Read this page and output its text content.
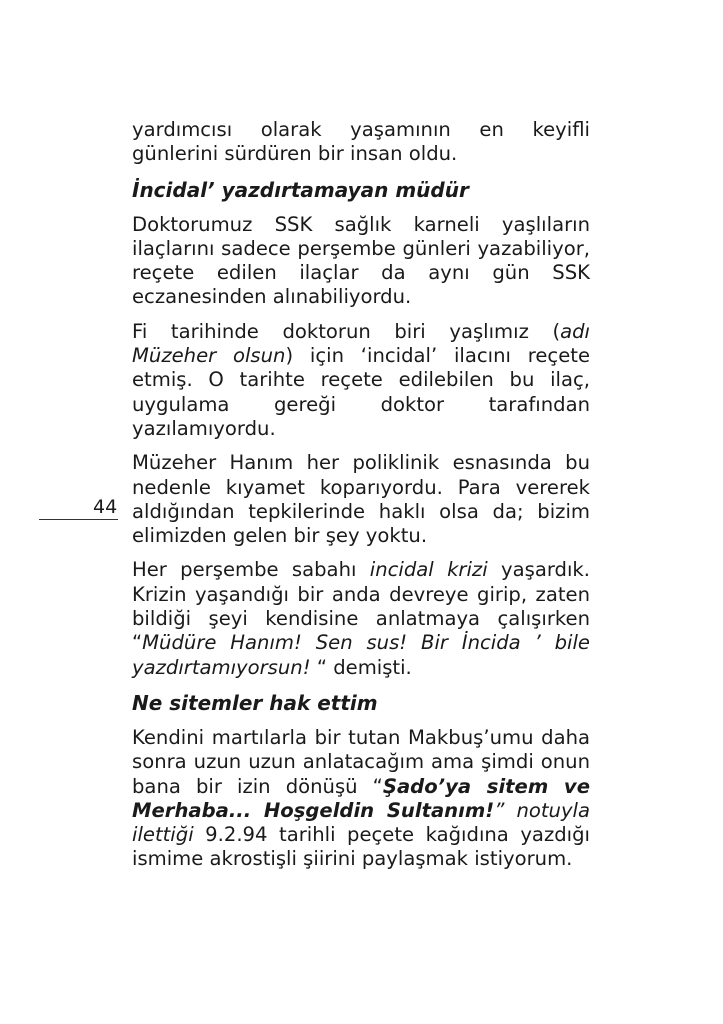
yardımcısı olarak yaşamının en keyifli günlerini sürdüren bir insan oldu.

İncidal’ yazdırtamayan müdür

Doktorumuz SSK sağlık karneli yaşlıların ilaçlarını sadece perşembe günleri yazabiliyor, reçete edilen ilaçlar da aynı gün SSK eczanesinden alınabiliyordu.

Fi tarihinde doktorun biri yaşlımız (adı Müzeher olsun) için ‘incidal’ ilacını reçete etmiş. O tarihte reçete edilebilen bu ilaç, uygulama gereği doktor tarafından yazılamıyordu.

Müzeher Hanım her poliklinik esnasında bu nedenle kıyamet koparıyordu. Para vererek aldığından tepkilerinde haklı olsa da; bizim elimizden gelen bir şey yoktu.

Her perşembe sabahı incidal krizi yaşardık. Krizin yaşandığı bir anda devreye girip, zaten bildiği şeyi kendisine anlatmaya çalışırken “Müdüre Hanım! Sen sus! Bir İncida ’ bile yazdırtamıyorsun! “ demişti.

Ne sitemler hak ettim

Kendini martılarla bir tutan Makbuş’umu daha sonra uzun uzun anlatacağım ama şimdi onun bana bir izin dönüşü “Şado’ya sitem ve Merhaba... Hoşgeldin Sultanım!” notuyla ilettiği 9.2.94 tarihli peçete kağıdına yazdığı ismime akrostişli şiirini paylaşmak istiyorum.

44
